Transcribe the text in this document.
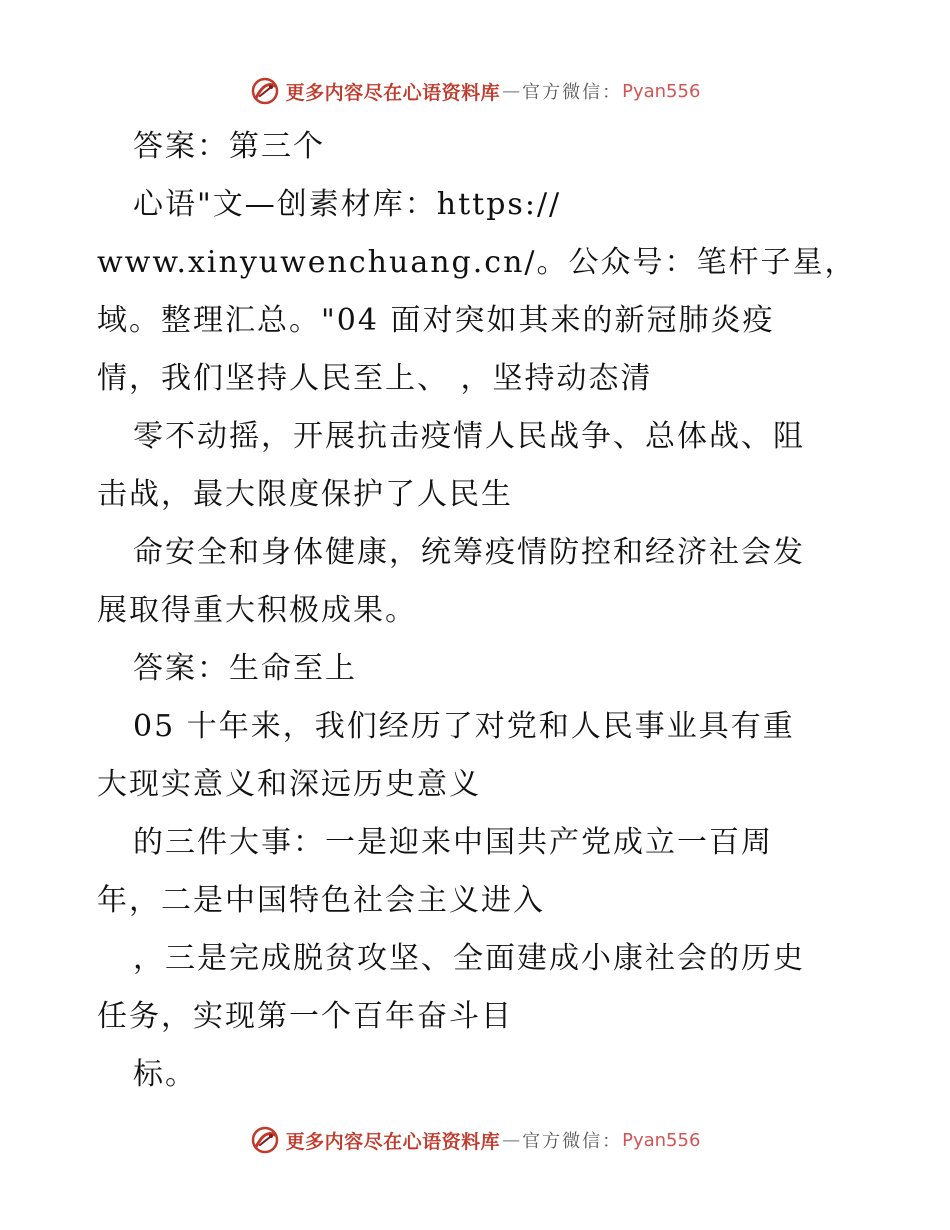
更多内容尽在心语资料库 — 官方微信： Pyan556
答案：第三个
心语"文—创素材库：https://
www.xinyuwenchuang.cn/。公众号：笔杆子星，
域。整理汇总。"04 面对突如其来的新冠肺炎疫
情，我们坚持人民至上、 ，坚持动态清
零不动摇，开展抗击疫情人民战争、总体战、阻
击战，最大限度保护了人民生
命安全和身体健康，统筹疫情防控和经济社会发
展取得重大积极成果。
答案：生命至上
05 十年来，我们经历了对党和人民事业具有重
大现实意义和深远历史意义
的三件大事：一是迎来中国共产党成立一百周
年，二是中国特色社会主义进入
，三是完成脱贫攻坚、全面建成小康社会的历史
任务，实现第一个百年奋斗目
标。
更多内容尽在心语资料库 — 官方微信： Pyan556
